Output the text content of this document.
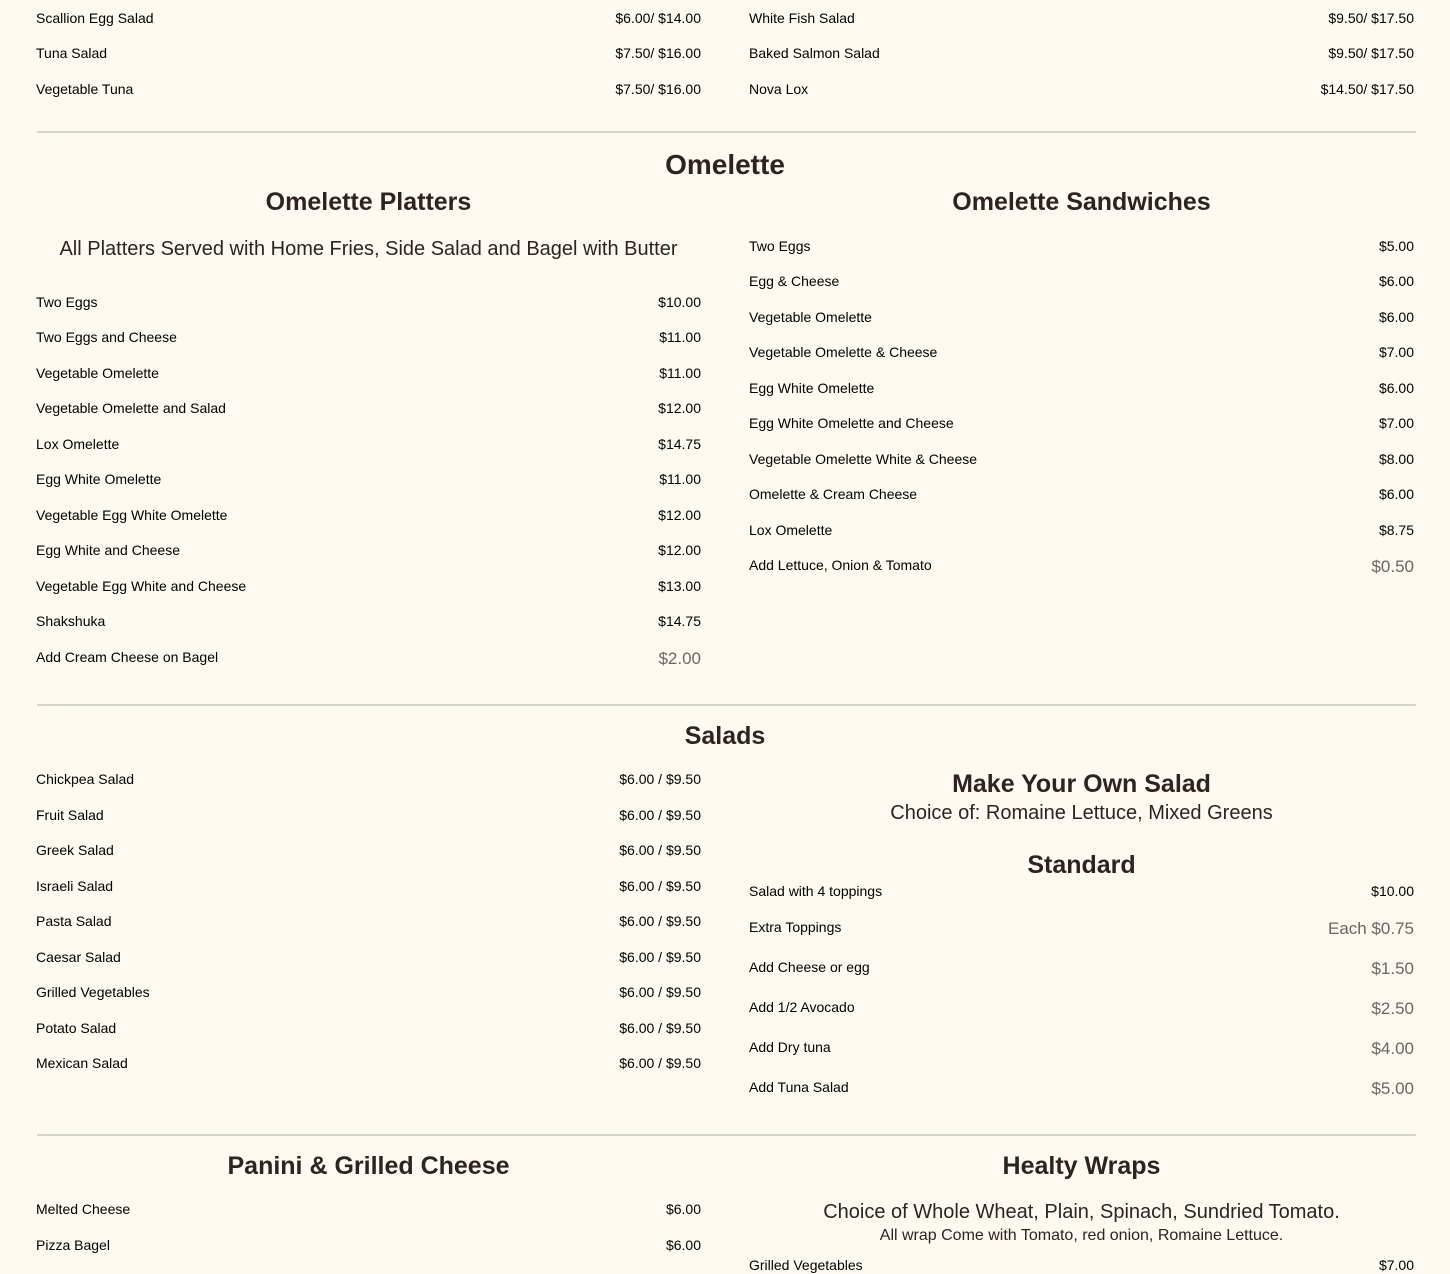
Scallion Egg Salad	$6.00/ $14.00
Tuna Salad	$7.50/ $16.00
Vegetable Tuna	$7.50/ $16.00
White Fish Salad	$9.50/ $17.50
Baked Salmon Salad	$9.50/ $17.50
Nova Lox	$14.50/ $17.50
Omelette
Omelette Platters
All Platters Served with Home Fries, Side Salad and Bagel with Butter
Two Eggs	$10.00
Two Eggs and Cheese	$11.00
Vegetable Omelette	$11.00
Vegetable Omelette and Salad	$12.00
Lox Omelette	$14.75
Egg White Omelette	$11.00
Vegetable Egg White Omelette	$12.00
Egg White and Cheese	$12.00
Vegetable Egg White and Cheese	$13.00
Shakshuka	$14.75
Add Cream Cheese on Bagel	$2.00
Omelette Sandwiches
Two Eggs	$5.00
Egg & Cheese	$6.00
Vegetable Omelette	$6.00
Vegetable Omelette & Cheese	$7.00
Egg White Omelette	$6.00
Egg White Omelette and Cheese	$7.00
Vegetable Omelette White & Cheese	$8.00
Omelette & Cream Cheese	$6.00
Lox Omelette	$8.75
Add Lettuce, Onion & Tomato	$0.50
Salads
Chickpea Salad	$6.00 / $9.50
Fruit Salad	$6.00 / $9.50
Greek Salad	$6.00 / $9.50
Israeli Salad	$6.00 / $9.50
Pasta Salad	$6.00 / $9.50
Caesar Salad	$6.00 / $9.50
Grilled Vegetables	$6.00 / $9.50
Potato Salad	$6.00 / $9.50
Mexican Salad	$6.00 / $9.50
Make Your Own Salad
Choice of: Romaine Lettuce, Mixed Greens
Standard
Salad with 4 toppings	$10.00
Extra Toppings	Each $0.75
Add Cheese or egg	$1.50
Add 1/2 Avocado	$2.50
Add Dry tuna	$4.00
Add Tuna Salad	$5.00
Panini & Grilled Cheese
Melted Cheese	$6.00
Pizza Bagel	$6.00
Healty Wraps
Choice of Whole Wheat, Plain, Spinach, Sundried Tomato.
All wrap Come with Tomato, red onion, Romaine Lettuce.
Grilled Vegetables	$7.00
